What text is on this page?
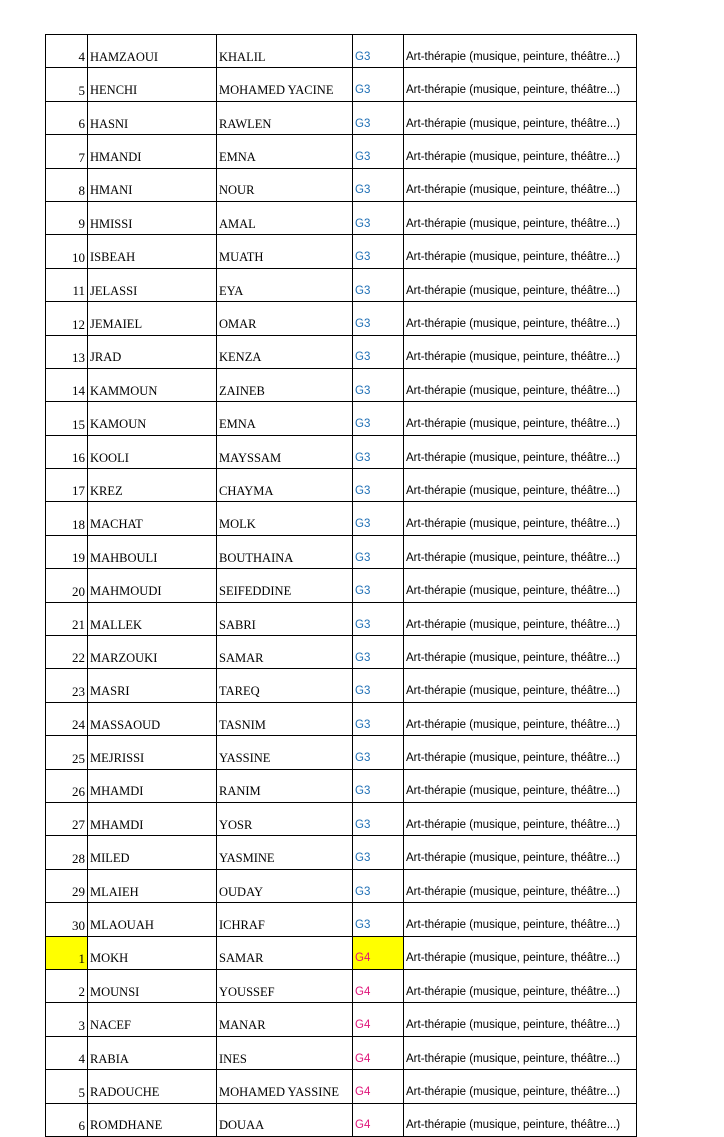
4	HAMZAOUI	KHALIL	G3	Art-thérapie (musique, peinture, théâtre...)
5	HENCHI	MOHAMED YACINE	G3	Art-thérapie (musique, peinture, théâtre...)
6	HASNI	RAWLEN	G3	Art-thérapie (musique, peinture, théâtre...)
7	HMANDI	EMNA	G3	Art-thérapie (musique, peinture, théâtre...)
8	HMANI	NOUR	G3	Art-thérapie (musique, peinture, théâtre...)
9	HMISSI	AMAL	G3	Art-thérapie (musique, peinture, théâtre...)
10	ISBEAH	MUATH	G3	Art-thérapie (musique, peinture, théâtre...)
11	JELASSI	EYA	G3	Art-thérapie (musique, peinture, théâtre...)
12	JEMAIEL	OMAR	G3	Art-thérapie (musique, peinture, théâtre...)
13	JRAD	KENZA	G3	Art-thérapie (musique, peinture, théâtre...)
14	KAMMOUN	ZAINEB	G3	Art-thérapie (musique, peinture, théâtre...)
15	KAMOUN	EMNA	G3	Art-thérapie (musique, peinture, théâtre...)
16	KOOLI	MAYSSAM	G3	Art-thérapie (musique, peinture, théâtre...)
17	KREZ	CHAYMA	G3	Art-thérapie (musique, peinture, théâtre...)
18	MACHAT	MOLK	G3	Art-thérapie (musique, peinture, théâtre...)
19	MAHBOULI	BOUTHAINA	G3	Art-thérapie (musique, peinture, théâtre...)
20	MAHMOUDI	SEIFEDDINE	G3	Art-thérapie (musique, peinture, théâtre...)
21	MALLEK	SABRI	G3	Art-thérapie (musique, peinture, théâtre...)
22	MARZOUKI	SAMAR	G3	Art-thérapie (musique, peinture, théâtre...)
23	MASRI	TAREQ	G3	Art-thérapie (musique, peinture, théâtre...)
24	MASSAOUD	TASNIM	G3	Art-thérapie (musique, peinture, théâtre...)
25	MEJRISSI	YASSINE	G3	Art-thérapie (musique, peinture, théâtre...)
26	MHAMDI	RANIM	G3	Art-thérapie (musique, peinture, théâtre...)
27	MHAMDI	YOSR	G3	Art-thérapie (musique, peinture, théâtre...)
28	MILED	YASMINE	G3	Art-thérapie (musique, peinture, théâtre...)
29	MLAIEH	OUDAY	G3	Art-thérapie (musique, peinture, théâtre...)
30	MLAOUAH	ICHRAF	G3	Art-thérapie (musique, peinture, théâtre...)
1	MOKH	SAMAR	G4	Art-thérapie (musique, peinture, théâtre...)
2	MOUNSI	YOUSSEF	G4	Art-thérapie (musique, peinture, théâtre...)
3	NACEF	MANAR	G4	Art-thérapie (musique, peinture, théâtre...)
4	RABIA	INES	G4	Art-thérapie (musique, peinture, théâtre...)
5	RADOUCHE	MOHAMED YASSINE	G4	Art-thérapie (musique, peinture, théâtre...)
6	ROMDHANE	DOUAA	G4	Art-thérapie (musique, peinture, théâtre...)
